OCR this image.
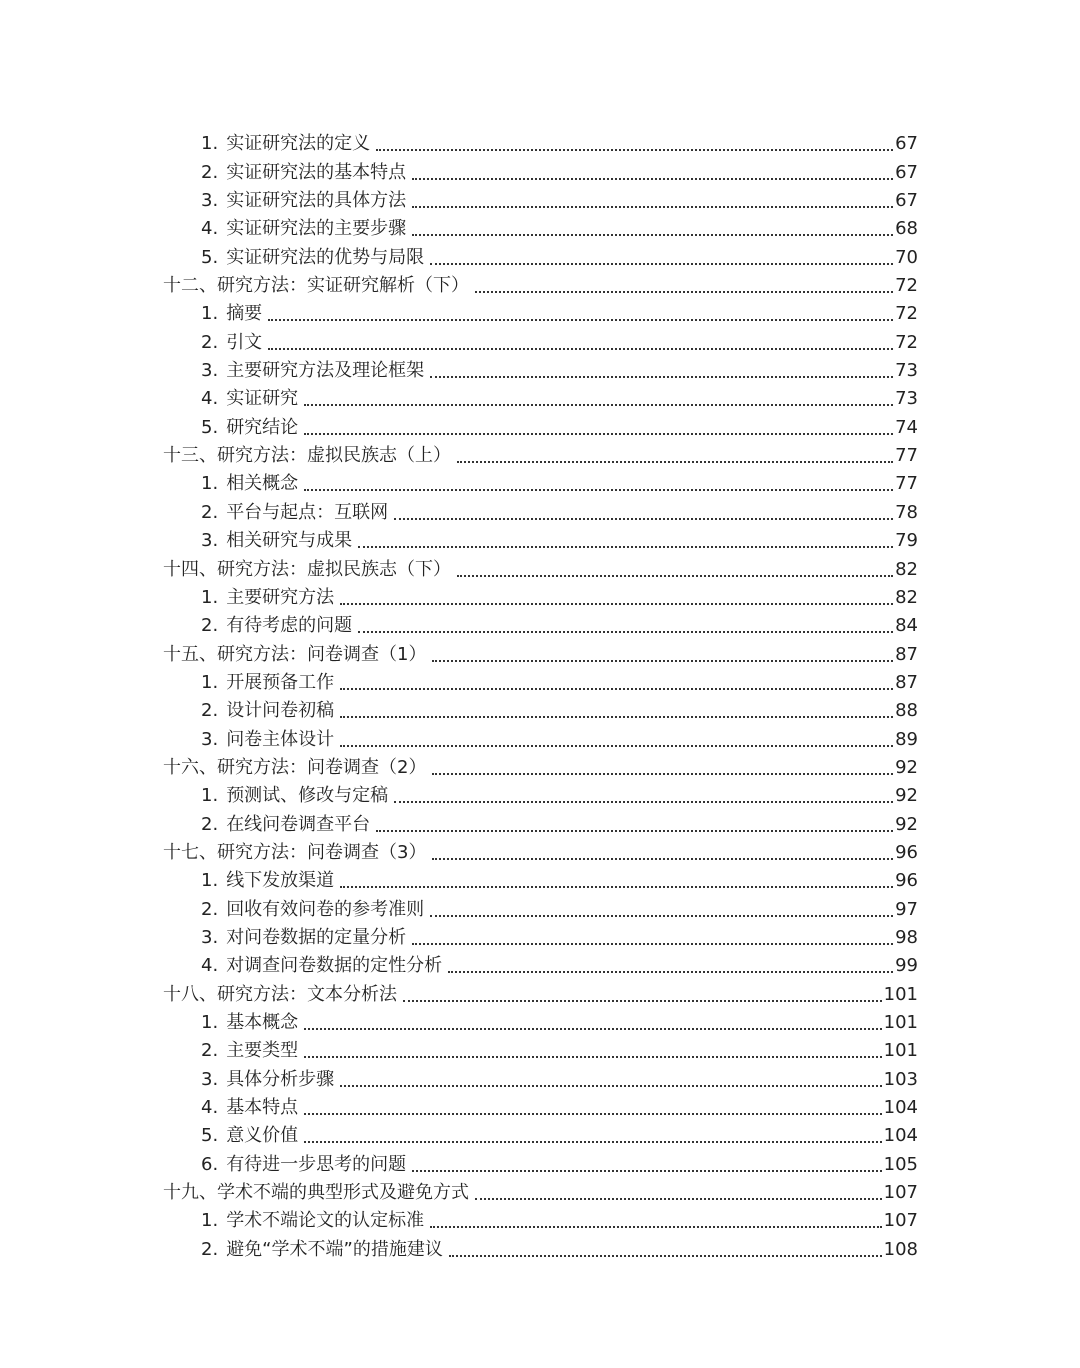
1. 实证研究法的定义	67
2. 实证研究法的基本特点	67
3. 实证研究法的具体方法	67
4. 实证研究法的主要步骤	68
5. 实证研究法的优势与局限	70
十二、研究方法：实证研究解析（下）	72
1. 摘要	72
2. 引文	72
3. 主要研究方法及理论框架	73
4. 实证研究	73
5. 研究结论	74
十三、研究方法：虚拟民族志（上）	77
1. 相关概念	77
2. 平台与起点：互联网	78
3. 相关研究与成果	79
十四、研究方法：虚拟民族志（下）	82
1. 主要研究方法	82
2. 有待考虑的问题	84
十五、研究方法：问卷调查（1）	87
1. 开展预备工作	87
2. 设计问卷初稿	88
3. 问卷主体设计	89
十六、研究方法：问卷调查（2）	92
1. 预测试、修改与定稿	92
2. 在线问卷调查平台	92
十七、研究方法：问卷调查（3）	96
1. 线下发放渠道	96
2. 回收有效问卷的参考准则	97
3. 对问卷数据的定量分析	98
4. 对调查问卷数据的定性分析	99
十八、研究方法：文本分析法	101
1. 基本概念	101
2. 主要类型	101
3. 具体分析步骤	103
4. 基本特点	104
5. 意义价值	104
6. 有待进一步思考的问题	105
十九、学术不端的典型形式及避免方式	107
1. 学术不端论文的认定标准	107
2. 避免“学术不端”的措施建议	108
